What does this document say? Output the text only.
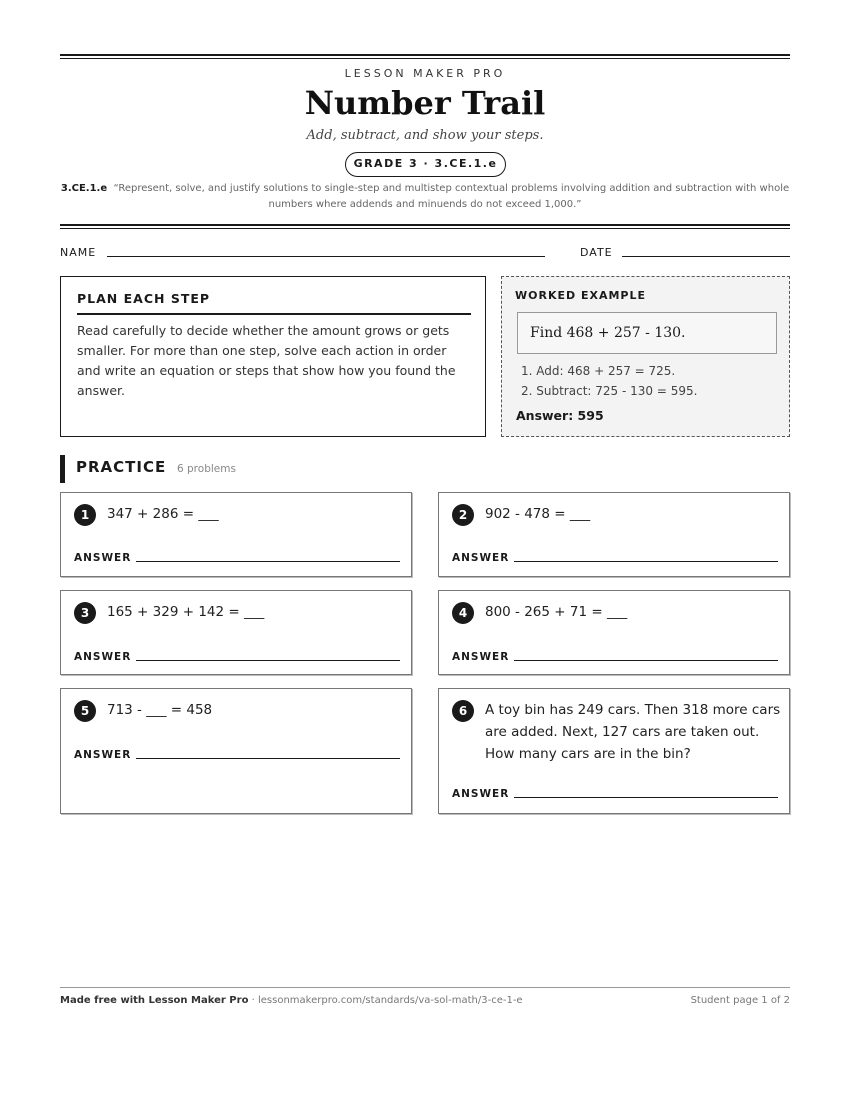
LESSON MAKER PRO
Number Trail
Add, subtract, and show your steps.
GRADE 3 · 3.CE.1.e
3.CE.1.e “Represent, solve, and justify solutions to single-step and multistep contextual problems involving addition and subtraction with whole
numbers where addends and minuends do not exceed 1,000.”
NAME	DATE
PLAN EACH STEP
Read carefully to decide whether the amount grows or gets smaller. For more than one step, solve each action in order and write an equation or steps that show how you found the answer.
WORKED EXAMPLE
Find 468 + 257 - 130.
1. Add: 468 + 257 = 725.
2. Subtract: 725 - 130 = 595.
Answer: 595
PRACTICE 6 problems
1	347 + 286 = ___
ANSWER
2	902 - 478 = ___
ANSWER
3	165 + 329 + 142 = ___
ANSWER
4	800 - 265 + 71 = ___
ANSWER
5	713 - ___ = 458
ANSWER
6	A toy bin has 249 cars. Then 318 more cars are added. Next, 127 cars are taken out. How many cars are in the bin?
ANSWER
Made free with Lesson Maker Pro · lessonmakerpro.com/standards/va-sol-math/3-ce-1-e	Student page 1 of 2
